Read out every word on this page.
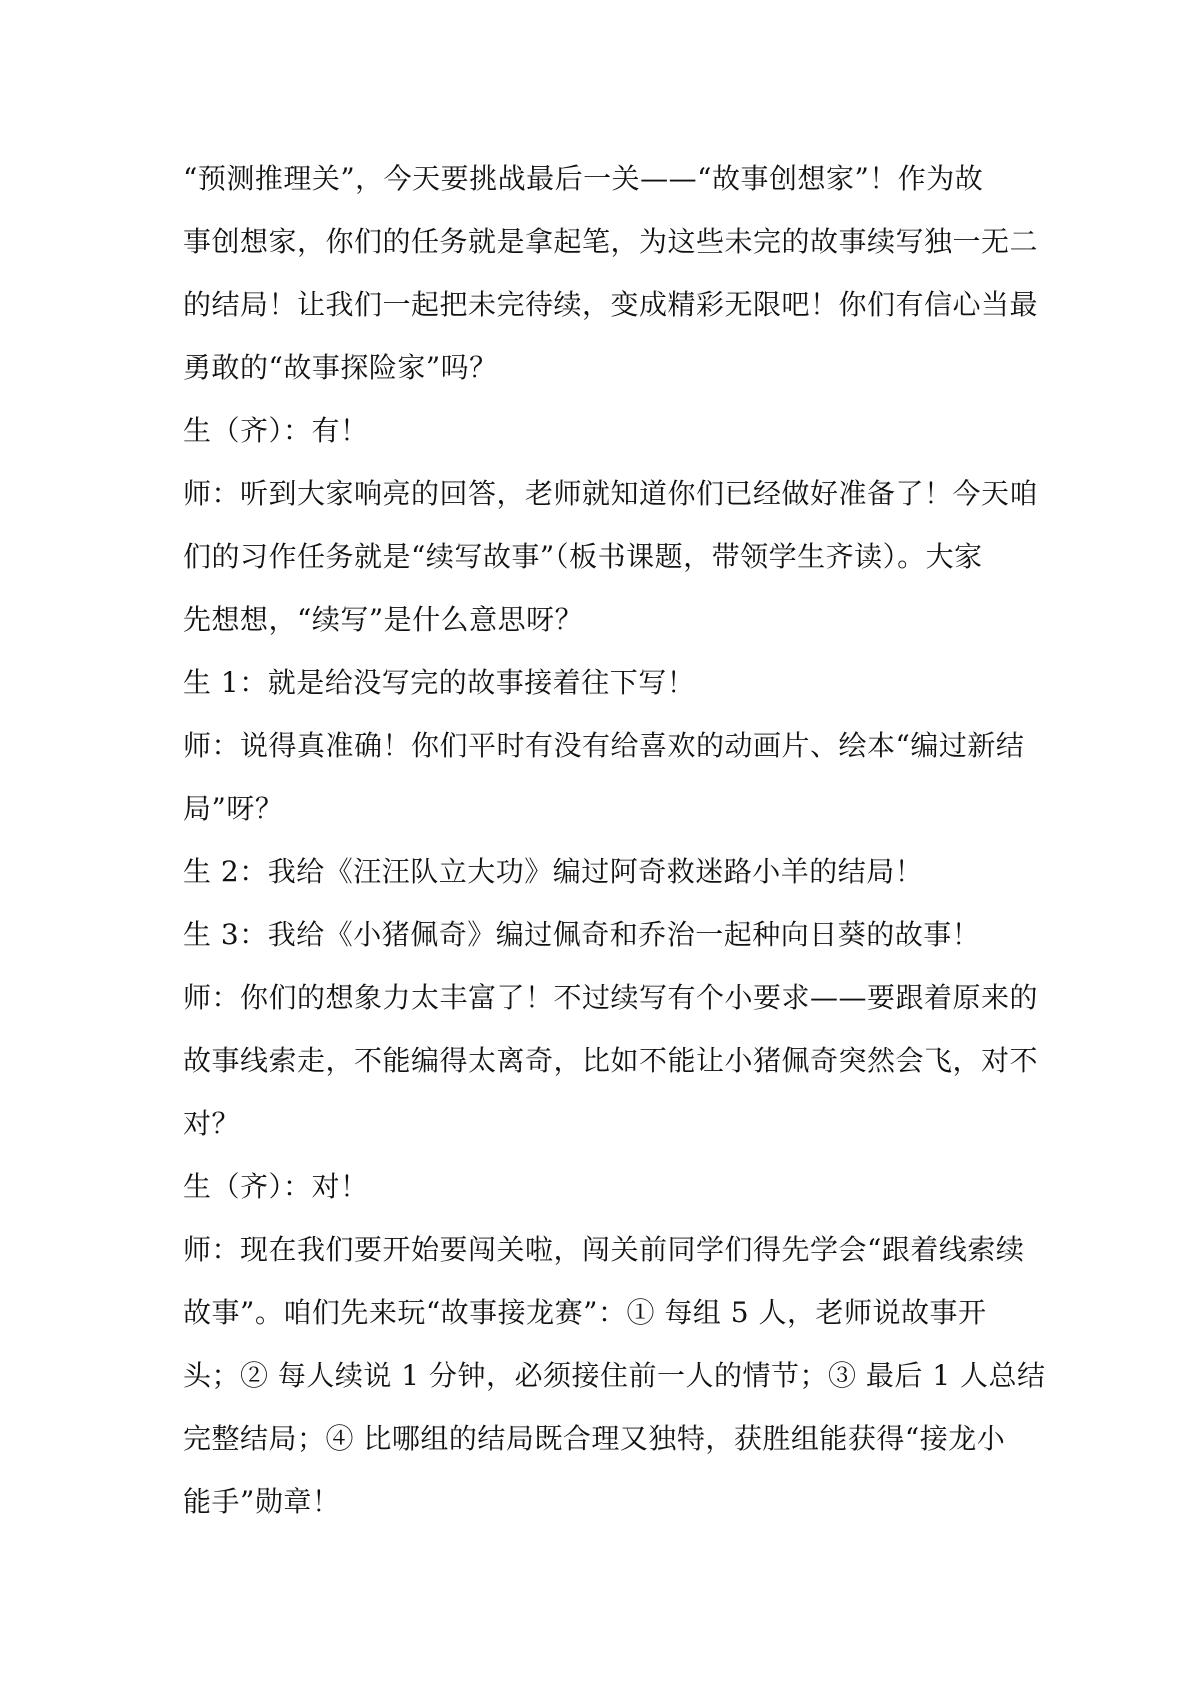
“预测推理关”，今天要挑战最后一关——“故事创想家”！作为故
事创想家，你们的任务就是拿起笔，为这些未完的故事续写独一无二
的结局！让我们一起把未完待续，变成精彩无限吧！你们有信心当最
勇敢的“故事探险家”吗？
生（齐）：有！
师：听到大家响亮的回答，老师就知道你们已经做好准备了！今天咱
们的习作任务就是“续写故事”（板书课题，带领学生齐读）。大家
先想想，“续写”是什么意思呀？
生 1：就是给没写完的故事接着往下写！
师：说得真准确！你们平时有没有给喜欢的动画片、绘本“编过新结
局”呀？
生 2：我给《汪汪队立大功》编过阿奇救迷路小羊的结局！
生 3：我给《小猪佩奇》编过佩奇和乔治一起种向日葵的故事！
师：你们的想象力太丰富了！不过续写有个小要求——要跟着原来的
故事线索走，不能编得太离奇，比如不能让小猪佩奇突然会飞，对不
对？
生（齐）：对！
师：现在我们要开始要闯关啦，闯关前同学们得先学会“跟着线索续
故事”。咱们先来玩“故事接龙赛”：① 每组 5 人，老师说故事开
头；② 每人续说 1 分钟，必须接住前一人的情节；③ 最后 1 人总结
完整结局；④ 比哪组的结局既合理又独特，获胜组能获得“接龙小
能手”勋章！
